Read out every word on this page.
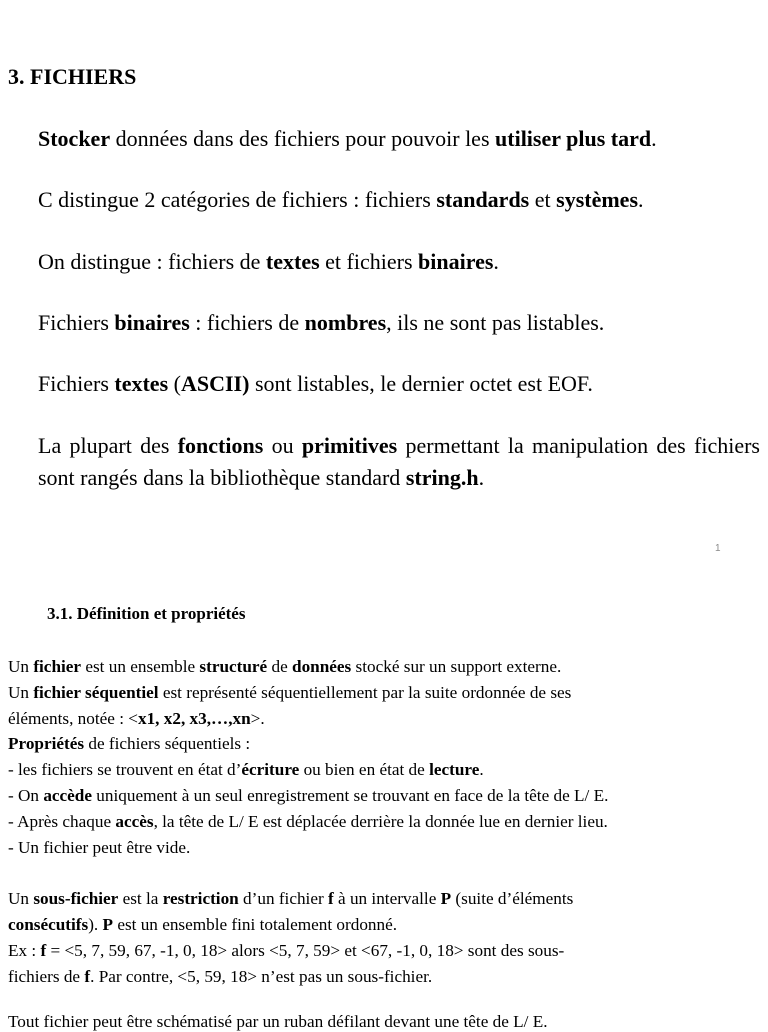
3. FICHIERS

Stocker données dans des fichiers pour pouvoir les utiliser plus tard.

C distingue 2 catégories de fichiers : fichiers standards et systèmes.

On distingue : fichiers de textes et fichiers binaires.

Fichiers binaires : fichiers de nombres, ils ne sont pas listables.

Fichiers textes (ASCII) sont listables, le dernier octet est EOF.

La plupart des fonctions ou primitives permettant la manipulation des fichiers sont rangés dans la bibliothèque standard string.h.

1
3.1. Définition et propriétés
Un fichier est un ensemble structuré de données stocké sur un support externe.
Un fichier séquentiel est représenté séquentiellement par la suite ordonnée de ses
éléments, notée : <x1, x2, x3,…,xn>.
Propriétés de fichiers séquentiels :
- les fichiers se trouvent en état d’écriture ou bien en état de lecture.
- On accède uniquement à un seul enregistrement se trouvant en face de la tête de L/ E.
- Après chaque accès, la tête de L/ E est déplacée derrière la donnée lue en dernier lieu.
- Un fichier peut être vide.
Un sous-fichier est la restriction d’un fichier f à un intervalle P (suite d’éléments
consécutifs). P est un ensemble fini totalement ordonné.
Ex : f = <5, 7, 59, 67, -1, 0, 18> alors <5, 7, 59> et <67, -1, 0, 18> sont des sous-
fichiers de f. Par contre, <5, 59, 18> n’est pas un sous-fichier.
Tout fichier peut être schématisé par un ruban défilant devant une tête de L/ E.
